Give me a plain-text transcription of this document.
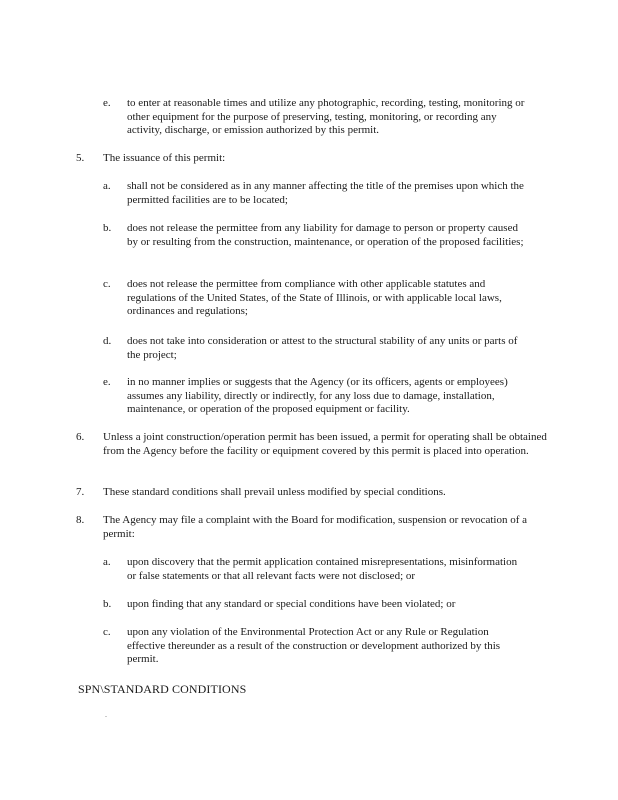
e. to enter at reasonable times and utilize any photographic, recording, testing, monitoring or other equipment for the purpose of preserving, testing, monitoring, or recording any activity, discharge, or emission authorized by this permit.

5. The issuance of this permit:

a. shall not be considered as in any manner affecting the title of the premises upon which the permitted facilities are to be located;

b. does not release the permittee from any liability for damage to person or property caused by or resulting from the construction, maintenance, or operation of the proposed facilities;

c. does not release the permittee from compliance with other applicable statutes and regulations of the United States, of the State of Illinois, or with applicable local laws, ordinances and regulations;

d. does not take into consideration or attest to the structural stability of any units or parts of the project;

e. in no manner implies or suggests that the Agency (or its officers, agents or employees) assumes any liability, directly or indirectly, for any loss due to damage, installation, maintenance, or operation of the proposed equipment or facility.

6. Unless a joint construction/operation permit has been issued, a permit for operating shall be obtained from the Agency before the facility or equipment covered by this permit is placed into operation.

7. These standard conditions shall prevail unless modified by special conditions.

8. The Agency may file a complaint with the Board for modification, suspension or revocation of a permit:

a. upon discovery that the permit application contained misrepresentations, misinformation or false statements or that all relevant facts were not disclosed; or

b. upon finding that any standard or special conditions have been violated; or

c. upon any violation of the Environmental Protection Act or any Rule or Regulation effective thereunder as a result of the construction or development authorized by this permit.

SPN\STANDARD CONDITIONS
.
